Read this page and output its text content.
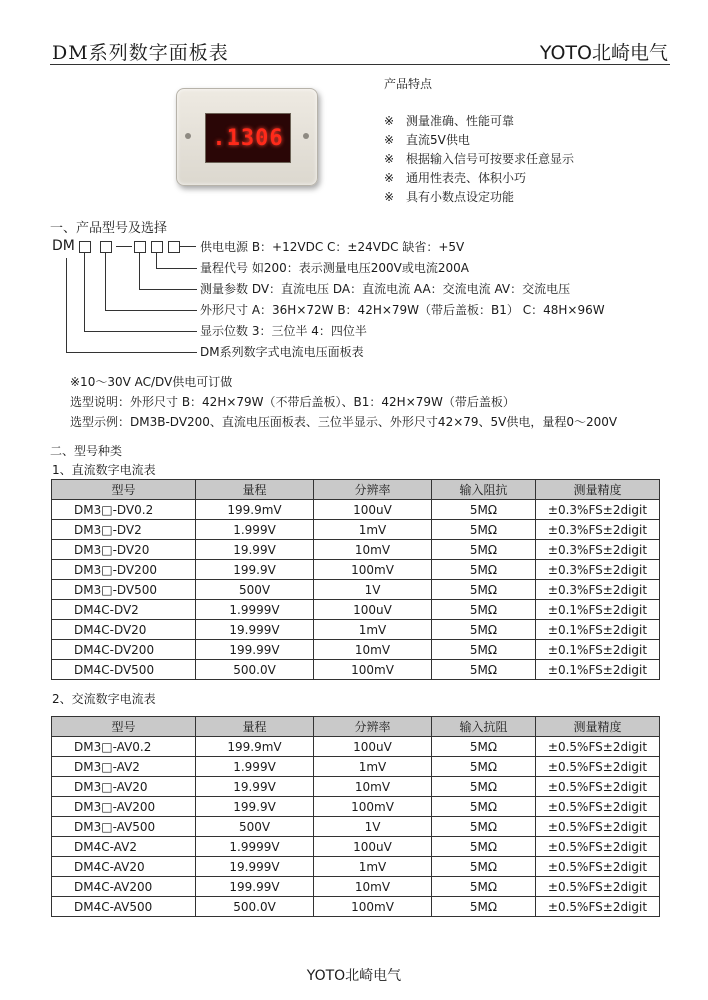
DM系列数字面板表	YOTO北崎电气
.1306
产品特点
※ 测量准确、性能可靠
※ 直流5V供电
※ 根据输入信号可按要求任意显示
※ 通用性表壳、体积小巧
※ 具有小数点设定功能
一、产品型号及选择
DM	供电电源 B：+12VDC C：±24VDC 缺省：+5V
量程代号 如200：表示测量电压200V或电流200A
测量参数 DV：直流电压 DA：直流电流 AA：交流电流 AV：交流电压
外形尺寸 A：36H×72W B：42H×79W（带后盖板：B1） C：48H×96W
显示位数 3：三位半 4：四位半
DM系列数字式电流电压面板表
※10～30V AC/DV供电可订做
选型说明：外形尺寸 B：42H×79W（不带后盖板）、B1：42H×79W（带后盖板）
选型示例：DM3B-DV200、直流电压面板表、三位半显示、外形尺寸42×79、5V供电，量程0～200V
二、型号种类
1、直流数字电流表
型号	量程	分辨率	输入阻抗	测量精度
DM3□-DV0.2	199.9mV	100uV	5MΩ	±0.3%FS±2digit
DM3□-DV2	1.999V	1mV	5MΩ	±0.3%FS±2digit
DM3□-DV20	19.99V	10mV	5MΩ	±0.3%FS±2digit
DM3□-DV200	199.9V	100mV	5MΩ	±0.3%FS±2digit
DM3□-DV500	500V	1V	5MΩ	±0.3%FS±2digit
DM4C-DV2	1.9999V	100uV	5MΩ	±0.1%FS±2digit
DM4C-DV20	19.999V	1mV	5MΩ	±0.1%FS±2digit
DM4C-DV200	199.99V	10mV	5MΩ	±0.1%FS±2digit
DM4C-DV500	500.0V	100mV	5MΩ	±0.1%FS±2digit
2、交流数字电流表
型号	量程	分辨率	输入抗阻	测量精度
DM3□-AV0.2	199.9mV	100uV	5MΩ	±0.5%FS±2digit
DM3□-AV2	1.999V	1mV	5MΩ	±0.5%FS±2digit
DM3□-AV20	19.99V	10mV	5MΩ	±0.5%FS±2digit
DM3□-AV200	199.9V	100mV	5MΩ	±0.5%FS±2digit
DM3□-AV500	500V	1V	5MΩ	±0.5%FS±2digit
DM4C-AV2	1.9999V	100uV	5MΩ	±0.5%FS±2digit
DM4C-AV20	19.999V	1mV	5MΩ	±0.5%FS±2digit
DM4C-AV200	199.99V	10mV	5MΩ	±0.5%FS±2digit
DM4C-AV500	500.0V	100mV	5MΩ	±0.5%FS±2digit
YOTO北崎电气
